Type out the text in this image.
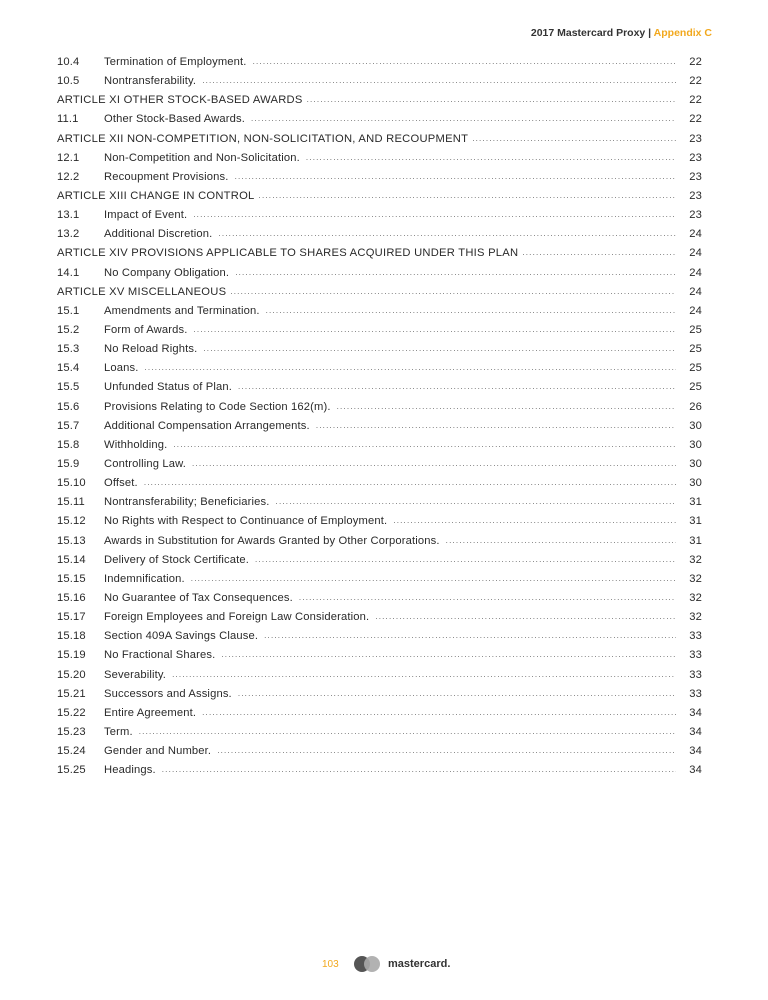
2017 Mastercard Proxy | Appendix C
10.4	Termination of Employment. .....	22
10.5	Nontransferability. .....	22
ARTICLE XI OTHER STOCK-BASED AWARDS .....	22
11.1	Other Stock-Based Awards. .....	22
ARTICLE XII NON-COMPETITION, NON-SOLICITATION, AND RECOUPMENT .....	23
12.1	Non-Competition and Non-Solicitation. .....	23
12.2	Recoupment Provisions. .....	23
ARTICLE XIII CHANGE IN CONTROL .....	23
13.1	Impact of Event. .....	23
13.2	Additional Discretion. .....	24
ARTICLE XIV PROVISIONS APPLICABLE TO SHARES ACQUIRED UNDER THIS PLAN .....	24
14.1	No Company Obligation. .....	24
ARTICLE XV MISCELLANEOUS .....	24
15.1	Amendments and Termination. .....	24
15.2	Form of Awards. .....	25
15.3	No Reload Rights. .....	25
15.4	Loans. .....	25
15.5	Unfunded Status of Plan. .....	25
15.6	Provisions Relating to Code Section 162(m). .....	26
15.7	Additional Compensation Arrangements. .....	30
15.8	Withholding. .....	30
15.9	Controlling Law. .....	30
15.10	Offset. .....	30
15.11	Nontransferability; Beneficiaries. .....	31
15.12	No Rights with Respect to Continuance of Employment. .....	31
15.13	Awards in Substitution for Awards Granted by Other Corporations. .....	31
15.14	Delivery of Stock Certificate. .....	32
15.15	Indemnification. .....	32
15.16	No Guarantee of Tax Consequences. .....	32
15.17	Foreign Employees and Foreign Law Consideration. .....	32
15.18	Section 409A Savings Clause. .....	33
15.19	No Fractional Shares. .....	33
15.20	Severability. .....	33
15.21	Successors and Assigns. .....	33
15.22	Entire Agreement. .....	34
15.23	Term. .....	34
15.24	Gender and Number. .....	34
15.25	Headings. .....	34
103	mastercard.
